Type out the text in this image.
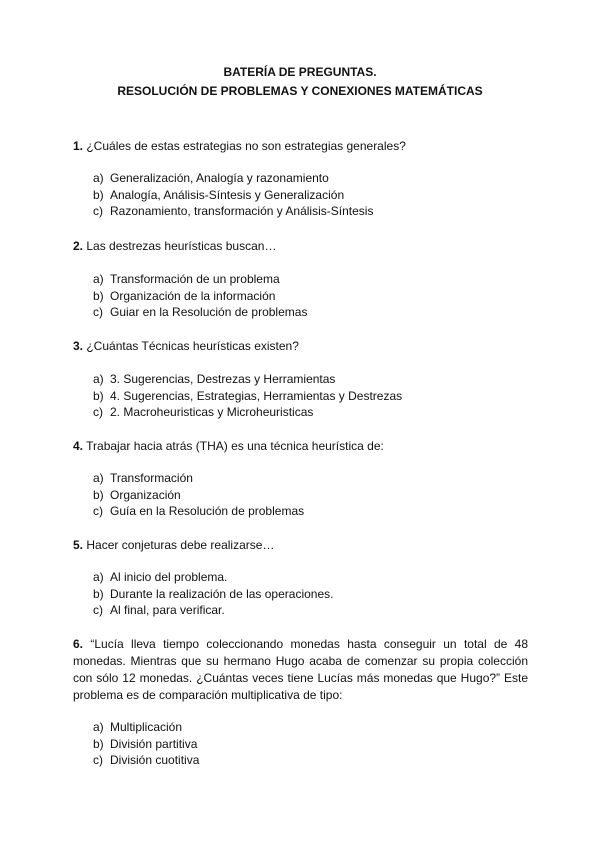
BATERÍA DE PREGUNTAS.
RESOLUCIÓN DE PROBLEMAS Y CONEXIONES MATEMÁTICAS
1. ¿Cuáles de estas estrategias no son estrategias generales?
a) Generalización, Analogía y razonamiento
b) Analogía, Análisis-Síntesis y Generalización
c) Razonamiento, transformación y Análisis-Síntesis
2. Las destrezas heurísticas buscan…
a) Transformación de un problema
b) Organización de la información
c) Guiar en la Resolución de problemas
3. ¿Cuántas Técnicas heurísticas existen?
a) 3. Sugerencias, Destrezas y Herramientas
b) 4. Sugerencias, Estrategias, Herramientas y Destrezas
c) 2. Macroheuristicas y Microheuristicas
4. Trabajar hacia atrás (THA) es una técnica heurística de:
a) Transformación
b) Organización
c) Guía en la Resolución de problemas
5. Hacer conjeturas debe realizarse…
a) Al inicio del problema.
b) Durante la realización de las operaciones.
c) Al final, para verificar.
6. “Lucía lleva tiempo coleccionando monedas hasta conseguir un total de 48 monedas. Mientras que su hermano Hugo acaba de comenzar su propia colección con sólo 12 monedas. ¿Cuántas veces tiene Lucías más monedas que Hugo?” Este problema es de comparación multiplicativa de tipo:
a) Multiplicación
b) División partitiva
c) División cuotitiva
